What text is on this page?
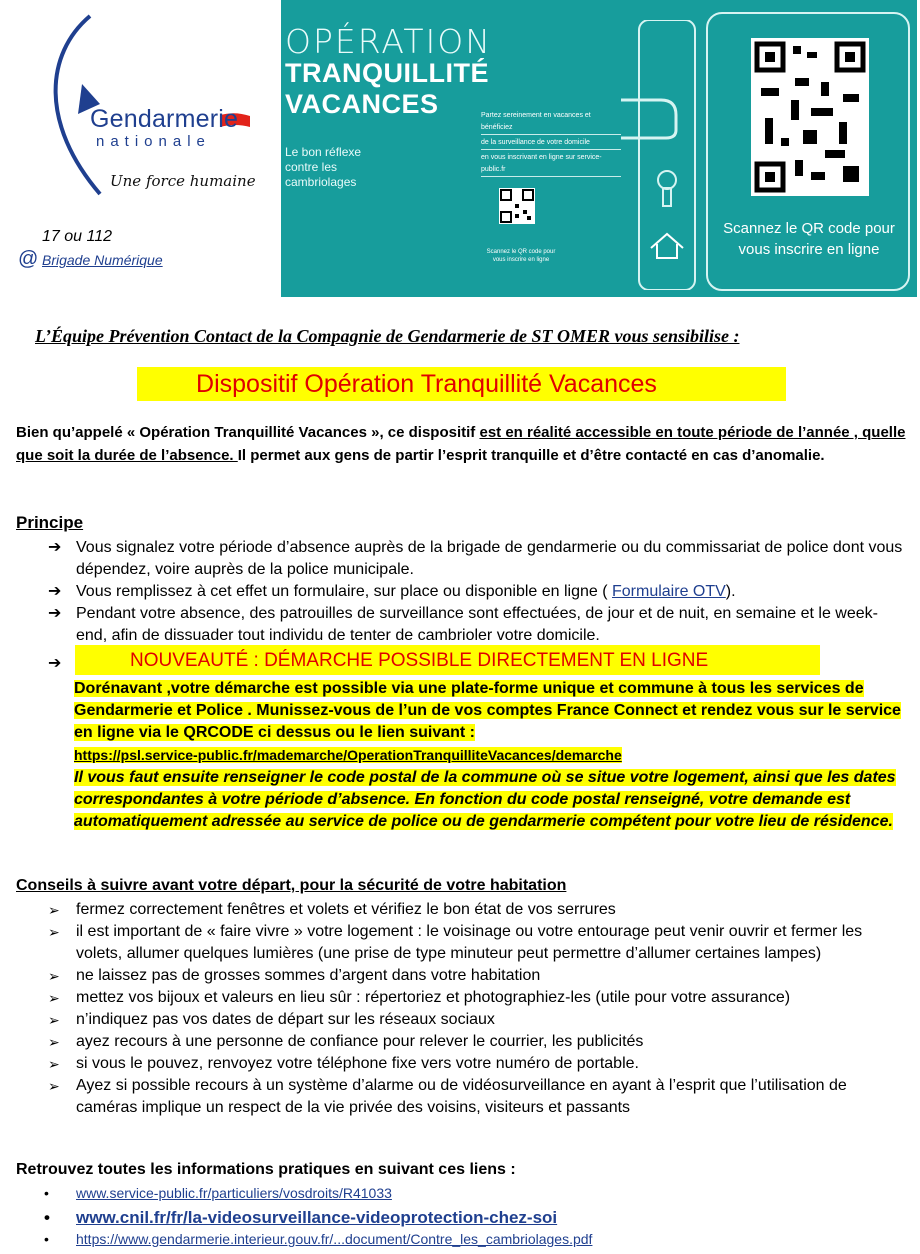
Gendarmerie
nationale
Une force humaine
17 ou 112
@ Brigade Numérique
OPÉRATION
TRANQUILLITÉ
VACANCES
Le bon réflexe contre les cambriolages
Partez sereinement en vacances et bénéficiez
de la surveillance de votre domicile
en vous inscrivant en ligne sur service-public.fr
Scannez le QR code pour vous inscrire en ligne
Scannez le QR code pour vous inscrire en ligne
L’Équipe Prévention Contact de la Compagnie de Gendarmerie de ST OMER vous sensibilise :
Dispositif Opération Tranquillité Vacances
Bien qu’appelé « Opération Tranquillité Vacances », ce dispositif est en réalité accessible en toute période de l’année , quelle que soit la durée de l’absence. Il permet aux gens de partir l’esprit tranquille et d’être contacté en cas d’anomalie.
Principe
➔ Vous signalez votre période d’absence auprès de la brigade de gendarmerie ou du commissariat de police dont vous dépendez, voire auprès de la police municipale.
➔ Vous remplissez à cet effet un formulaire, sur place ou disponible en ligne ( Formulaire OTV).
➔ Pendant votre absence, des patrouilles de surveillance sont effectuées, de jour et de nuit, en semaine et le week-end, afin de dissuader tout individu de tenter de cambrioler votre domicile.
➔	NOUVEAUTÉ : DÉMARCHE POSSIBLE DIRECTEMENT EN LIGNE
Dorénavant ,votre démarche est possible via une plate-forme unique et commune à tous les services de Gendarmerie et Police . Munissez-vous de l’un de vos comptes France Connect et rendez vous sur le service en ligne via le QRCODE ci dessus ou le lien suivant :
https://psl.service-public.fr/mademarche/OperationTranquilliteVacances/demarche
Il vous faut ensuite renseigner le code postal de la commune où se situe votre logement, ainsi que les dates correspondantes à votre période d’absence. En fonction du code postal renseigné, votre demande est automatiquement adressée au service de police ou de gendarmerie compétent pour votre lieu de résidence.
Conseils à suivre avant votre départ, pour la sécurité de votre habitation
➢ fermez correctement fenêtres et volets et vérifiez le bon état de vos serrures
➢ il est important de « faire vivre » votre logement : le voisinage ou votre entourage peut venir ouvrir et fermer les volets, allumer quelques lumières (une prise de type minuteur peut permettre d’allumer certaines lampes)
➢ ne laissez pas de grosses sommes d’argent dans votre habitation
➢ mettez vos bijoux et valeurs en lieu sûr : répertoriez et photographiez-les (utile pour votre assurance)
➢ n’indiquez pas vos dates de départ sur les réseaux sociaux
➢ ayez recours à une personne de confiance pour relever le courrier, les publicités
➢ si vous le pouvez, renvoyez votre téléphone fixe vers votre numéro de portable.
➢ Ayez si possible recours à un système d’alarme ou de vidéosurveillance en ayant à l’esprit que l’utilisation de caméras implique un respect de la vie privée des voisins, visiteurs et passants
Retrouvez toutes les informations pratiques en suivant ces liens :
• www.service-public.fr/particuliers/vosdroits/R41033
• www.cnil.fr/fr/la-videosurveillance-videoprotection-chez-soi
• https://www.gendarmerie.interieur.gouv.fr/...document/Contre_les_cambriolages.pdf
